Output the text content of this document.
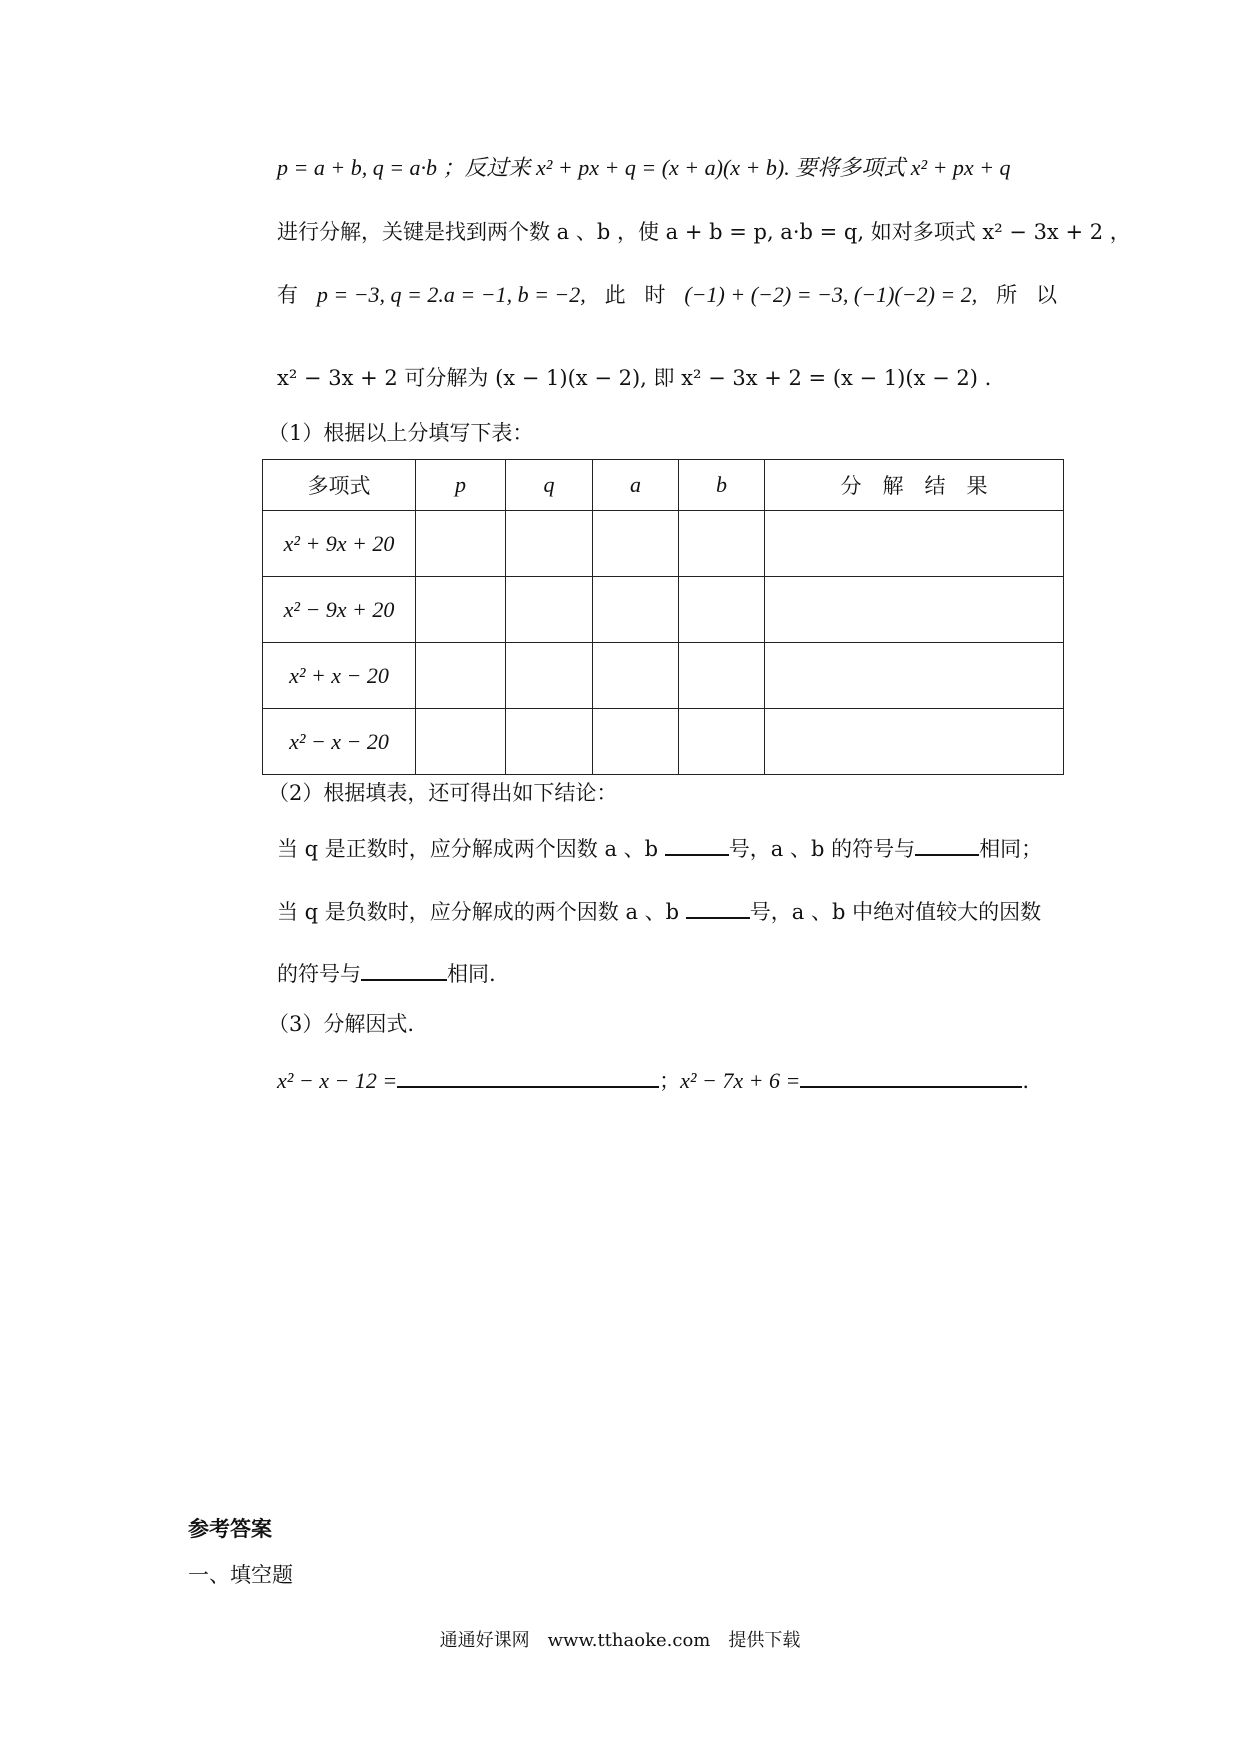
p = a + b, q = a·b ；反过来 x² + px + q = (x + a)(x + b). 要将多项式 x² + px + q
进行分解，关键是找到两个数 a 、b ，使 a + b = p, a·b = q, 如对多项式 x² − 3x + 2 ，
有 p = −3, q = 2.a = −1, b = −2, 此 时 (−1) + (−2) = −3, (−1)(−2) = 2, 所 以
x² − 3x + 2 可分解为 (x − 1)(x − 2), 即 x² − 3x + 2 = (x − 1)(x − 2) .
（1）根据以上分填写下表：
多项式	p	q	a	b	分　解　结　果
x² + 9x + 20					
x² − 9x + 20					
x² + x − 20					
x² − x − 20					
（2）根据填表，还可得出如下结论：
当 q 是正数时，应分解成两个因数 a 、b	号，a 、b 的符号与	相同；
当 q 是负数时，应分解成的两个因数 a 、b	号，a 、b 中绝对值较大的因数
的符号与	相同.
（3）分解因式.
x² − x − 12 =	；x² − 7x + 6 =	.
参考答案
一、填空题
通通好课网　www.tthaoke.com　提供下载
